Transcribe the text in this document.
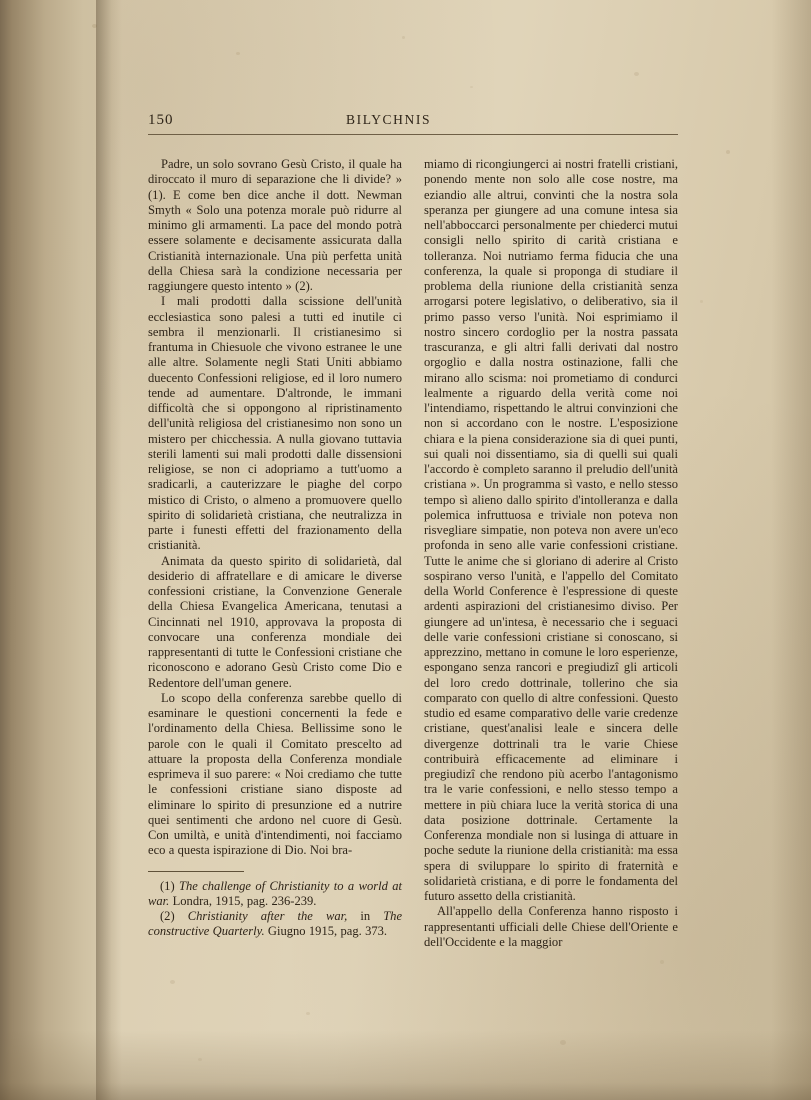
150	BILYCHNIS

Padre, un solo sovrano Gesù Cristo, il quale ha diroccato il muro di separazione che li divide? » (1). E come ben dice anche il dott. Newman Smyth « Solo una potenza morale può ridurre al minimo gli armamenti. La pace del mondo potrà essere solamente e decisamente assicurata dalla Cristianità internazionale. Una più perfetta unità della Chiesa sarà la condizione necessaria per raggiungere questo intento » (2).

I mali prodotti dalla scissione dell'unità ecclesiastica sono palesi a tutti ed inutile ci sembra il menzionarli. Il cristianesimo si frantuma in Chiesuole che vivono estranee le une alle altre. Solamente negli Stati Uniti abbiamo duecento Confessioni religiose, ed il loro numero tende ad aumentare. D'altronde, le immani difficoltà che si oppongono al ripristinamento dell'unità religiosa del cristianesimo non sono un mistero per chicchessia. A nulla giovano tuttavia sterili lamenti sui mali prodotti dalle dissensioni religiose, se non ci adopriamo a tutt'uomo a sradicarli, a cauterizzare le piaghe del corpo mistico di Cristo, o almeno a promuovere quello spirito di solidarietà cristiana, che neutralizza in parte i funesti effetti del frazionamento della cristianità.

Animata da questo spirito di solidarietà, dal desiderio di affratellare e di amicare le diverse confessioni cristiane, la Convenzione Generale della Chiesa Evangelica Americana, tenutasi a Cincinnati nel 1910, approvava la proposta di convocare una conferenza mondiale dei rappresentanti di tutte le Confessioni cristiane che riconoscono e adorano Gesù Cristo come Dio e Redentore dell'uman genere.

Lo scopo della conferenza sarebbe quello di esaminare le questioni concernenti la fede e l'ordinamento della Chiesa. Bellissime sono le parole con le quali il Comitato prescelto ad attuare la proposta della Conferenza mondiale esprimeva il suo parere: « Noi crediamo che tutte le confessioni cristiane siano disposte ad eliminare lo spirito di presunzione ed a nutrire quei sentimenti che ardono nel cuore di Gesù. Con umiltà, e unità d'intendimenti, noi facciamo eco a questa ispirazione di Dio. Noi bra-

(1) The challenge of Christianity to a world at war. Londra, 1915, pag. 236-239.

(2) Christianity after the war, in The constructive Quarterly. Giugno 1915, pag. 373.

miamo di ricongiungerci ai nostri fratelli cristiani, ponendo mente non solo alle cose nostre, ma eziandio alle altrui, convinti che la nostra sola speranza per giungere ad una comune intesa sia nell'abboccarci personalmente per chiederci mutui consigli nello spirito di carità cristiana e tolleranza. Noi nutriamo ferma fiducia che una conferenza, la quale si proponga di studiare il problema della riunione della cristianità senza arrogarsi potere legislativo, o deliberativo, sia il primo passo verso l'unità. Noi esprimiamo il nostro sincero cordoglio per la nostra passata trascuranza, e gli altri falli derivati dal nostro orgoglio e dalla nostra ostinazione, falli che mirano allo scisma: noi prometiamo di condurci lealmente a riguardo della verità come noi l'intendiamo, rispettando le altrui convinzioni che non si accordano con le nostre. L'esposizione chiara e la piena considerazione sia di quei punti, sui quali noi dissentiamo, sia di quelli sui quali l'accordo è completo saranno il preludio dell'unità cristiana ». Un programma sì vasto, e nello stesso tempo sì alieno dallo spirito d'intolleranza e dalla polemica infruttuosa e triviale non poteva non risvegliare simpatie, non poteva non avere un'eco profonda in seno alle varie confessioni cristiane. Tutte le anime che si gloriano di aderire al Cristo sospirano verso l'unità, e l'appello del Comitato della World Conference è l'espressione di queste ardenti aspirazioni del cristianesimo diviso. Per giungere ad un'intesa, è necessario che i seguaci delle varie confessioni cristiane si conoscano, si apprezzino, mettano in comune le loro esperienze, espongano senza rancori e pregiudizî gli articoli del loro credo dottrinale, tollerino che sia comparato con quello di altre confessioni. Questo studio ed esame comparativo delle varie credenze cristiane, quest'analisi leale e sincera delle divergenze dottrinali tra le varie Chiese contribuirà efficacemente ad eliminare i pregiudizî che rendono più acerbo l'antagonismo tra le varie confessioni, e nello stesso tempo a mettere in più chiara luce la verità storica di una data posizione dottrinale. Certamente la Conferenza mondiale non si lusinga di attuare in poche sedute la riunione della cristianità: ma essa spera di sviluppare lo spirito di fraternità e solidarietà cristiana, e di porre le fondamenta del futuro assetto della cristianità.

All'appello della Conferenza hanno risposto i rappresentanti ufficiali delle Chiese dell'Oriente e dell'Occidente e la maggior
